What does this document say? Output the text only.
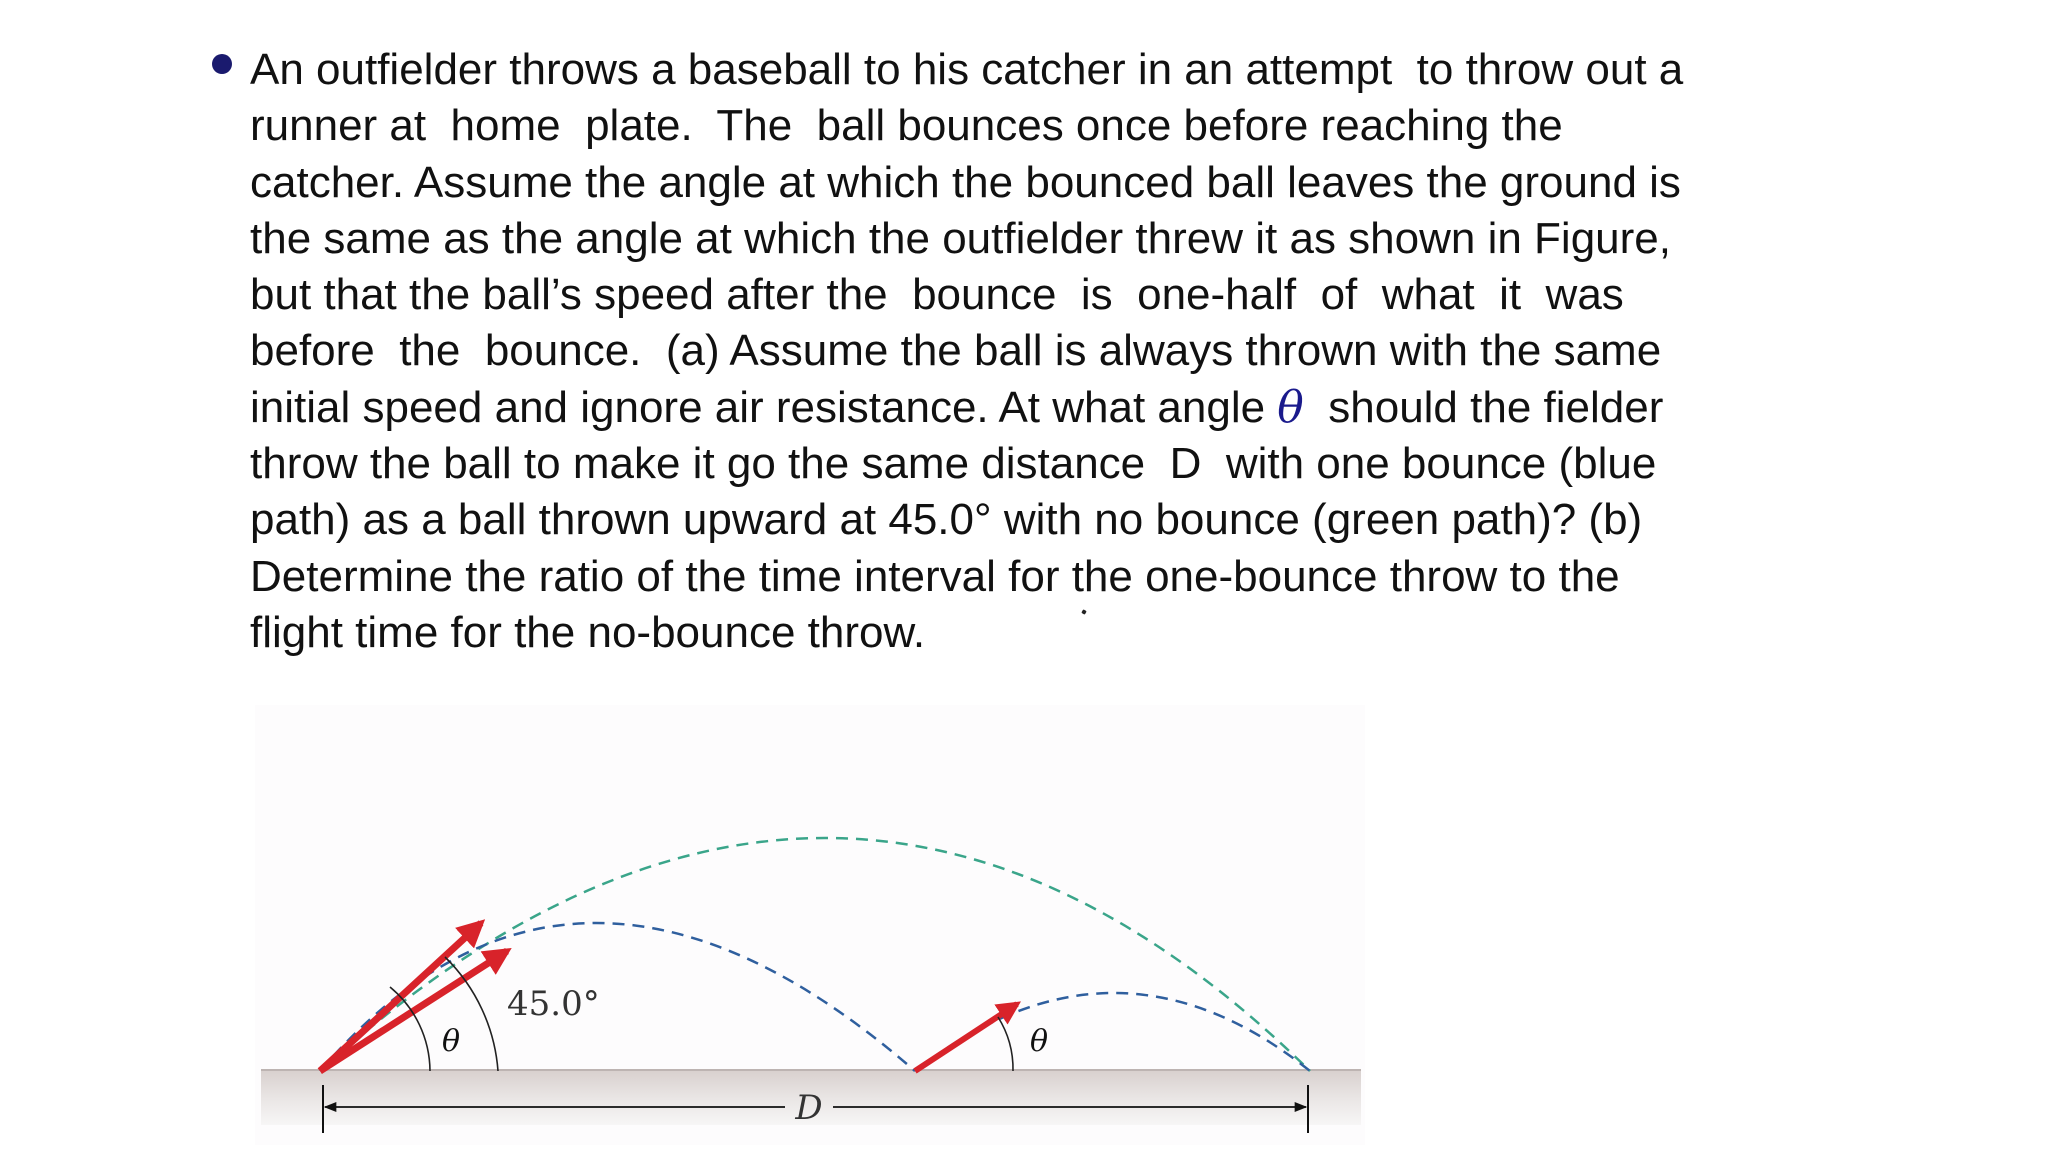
An outfielder throws a baseball to his catcher in an attempt  to throw out a
runner at  home  plate.  The  ball bounces once before reaching the
catcher. Assume the angle at which the bounced ball leaves the ground is
the same as the angle at which the outfielder threw it as shown in Figure,
but that the ball’s speed after the  bounce  is  one-half  of  what  it  was
before  the  bounce.  (a) Assume the ball is always thrown with the same
initial speed and ignore air resistance. At what angle θ  should the fielder
throw the ball to make it go the same distance  D  with one bounce (blue
path) as a ball thrown upward at 45.0° with no bounce (green path)? (b)
Determine the ratio of the time interval for the one-bounce throw to the
flight time for the no-bounce throw.
θ
45.0°
θ
D
